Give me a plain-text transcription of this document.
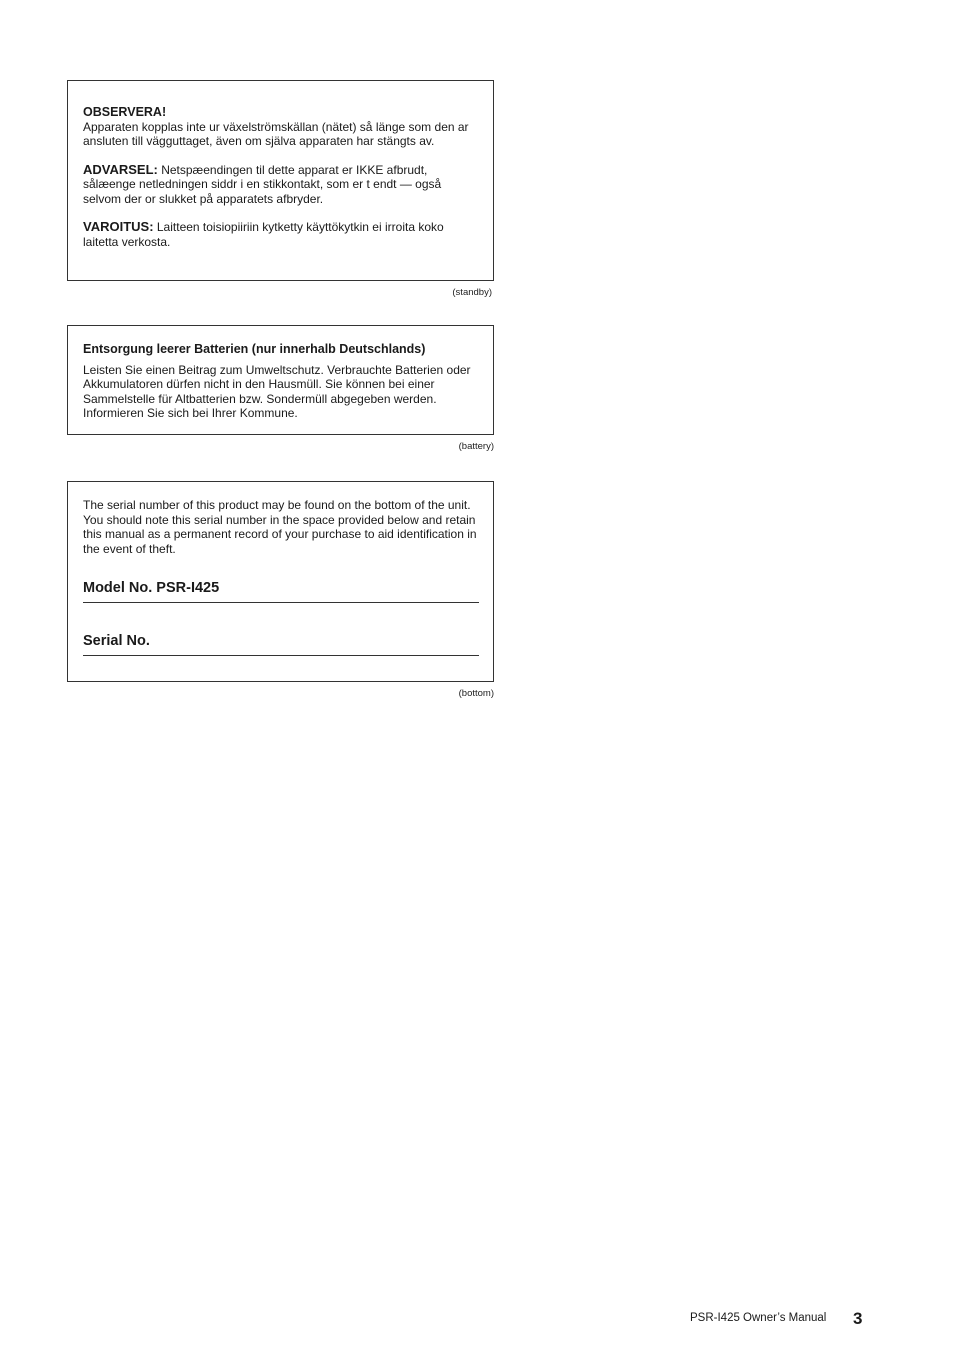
OBSERVERA!

Apparaten kopplas inte ur växelströmskällan (nätet) så länge som den ar ansluten till vägguttaget, även om själva apparaten har stängts av.

ADVARSEL: Netspæendingen til dette apparat er IKKE afbrudt, sålæenge netledningen siddr i en stikkontakt, som er t endt — også selvom der or slukket på apparatets afbryder.

VAROITUS: Laitteen toisiopiiriin kytketty käyttökytkin ei irroita koko laitetta verkosta.

(standby)

Entsorgung leerer Batterien (nur innerhalb Deutschlands)

Leisten Sie einen Beitrag zum Umweltschutz. Verbrauchte Batterien oder Akkumulatoren dürfen nicht in den Hausmüll. Sie können bei einer Sammelstelle für Altbatterien bzw. Sondermüll abgegeben werden. Informieren Sie sich bei Ihrer Kommune.

(battery)

The serial number of this product may be found on the bottom of the unit. You should note this serial number in the space provided below and retain this manual as a permanent record of your purchase to aid identification in the event of theft.

Model No. PSR-I425
Serial No.
(bottom)
PSR-I425 Owner’s Manual 3
